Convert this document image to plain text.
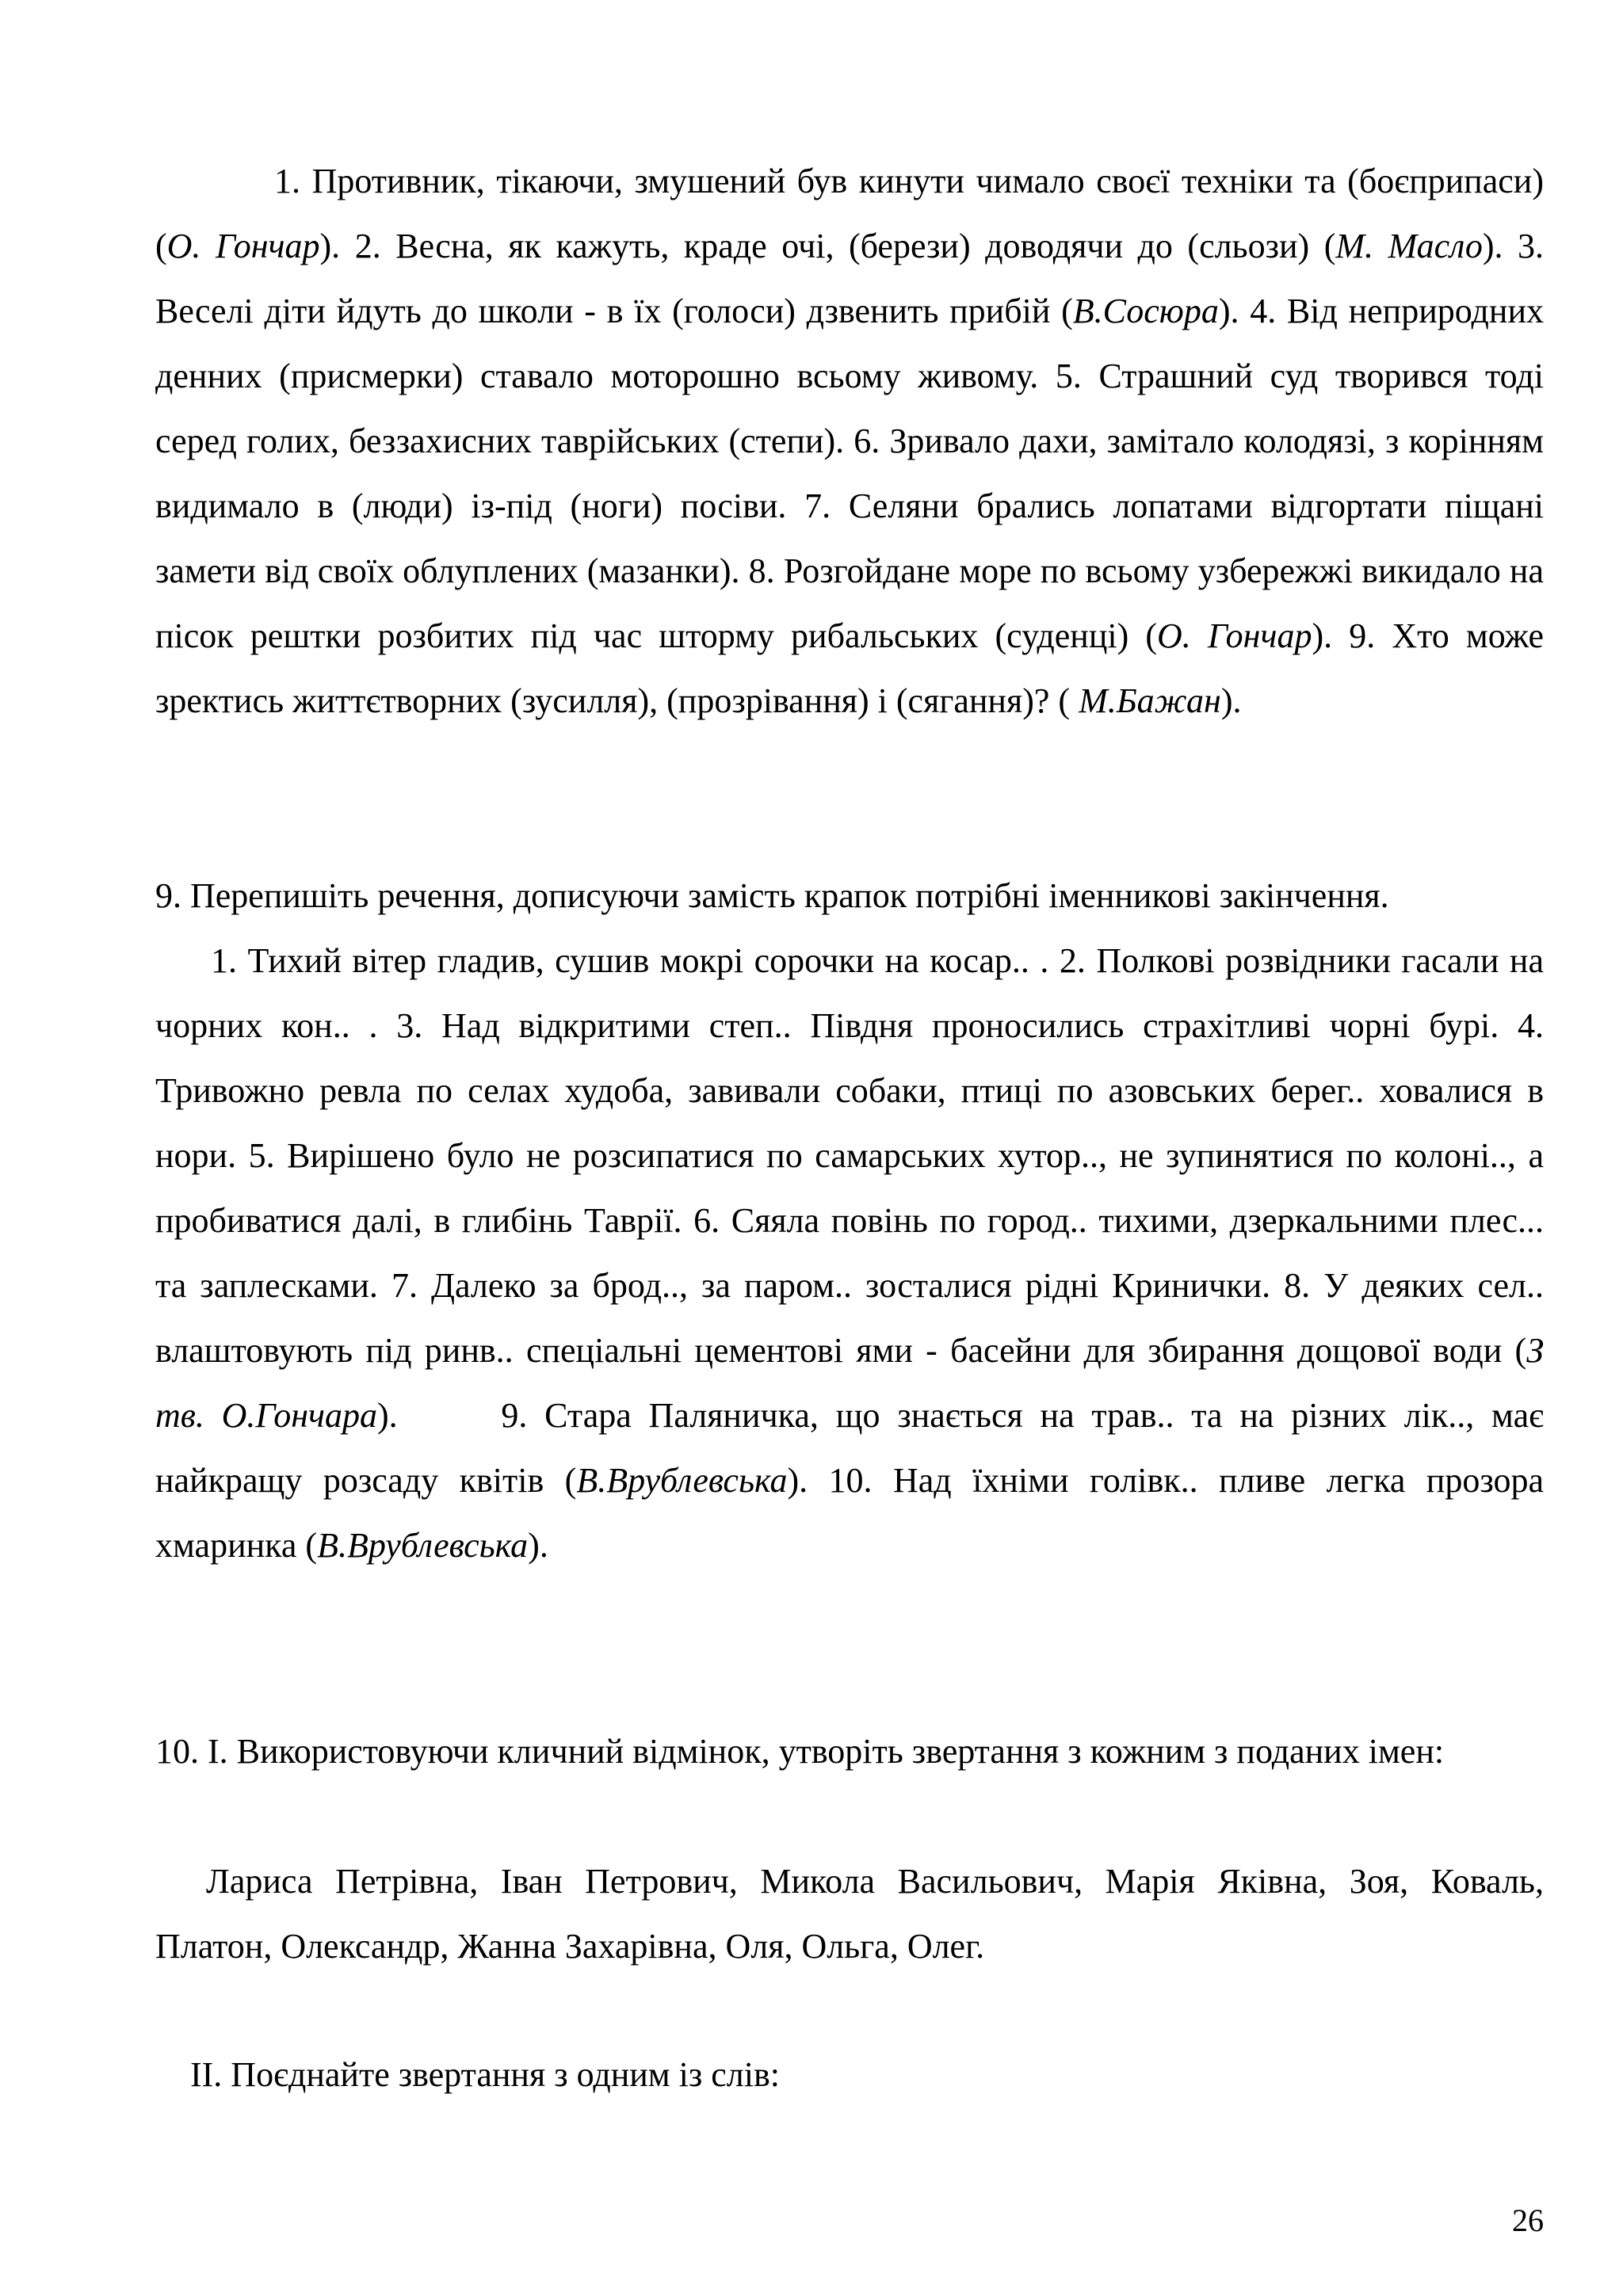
1. Противник, тікаючи, змушений був кинути чимало своєї техніки та (боєприпаси) (О. Гончар). 2. Весна, як кажуть, краде очі, (берези) доводячи до (сльози) (М. Масло). 3. Веселі діти йдуть до школи - в їх (голоси) дзвенить прибій (В.Сосюра). 4. Від неприродних денних (присмерки) ставало моторошно всьому живому. 5. Страшний суд творився тоді серед голих, беззахисних таврійських (степи). 6. Зривало дахи, замітало колодязі, з корінням видимало в (люди) із-під (ноги) посіви. 7. Селяни брались лопатами відгортати піщані замети від своїх облуплених (мазанки). 8. Розгойдане море по всьому узбережжі викидало на пісок рештки розбитих під час шторму рибальських (суденці) (О. Гончар). 9. Хто може зректись життєтворних (зусилля), (прозрівання) і (сягання)? ( М.Бажан).

9. Перепишіть речення, дописуючи замість крапок потрібні іменникові закінчення.

1. Тихий вітер гладив, сушив мокрі сорочки на косар.. . 2. Полкові розвідники гасали на чорних кон.. . 3. Над відкритими степ.. Півдня проносились страхітливі чорні бурі. 4. Тривожно ревла по селах худоба, завивали собаки, птиці по азовських берег.. ховалися в нори. 5. Вирішено було не розсипатися по самарських хутор.., не зупинятися по колоні.., а пробиватися далі, в глибінь Таврії. 6. Сяяла повінь по город.. тихими, дзеркальними плес... та заплесками. 7. Далеко за брод.., за паром.. зосталися рідні Кринички. 8. У деяких сел.. влаштовують під ринв.. спеціальні цементові ями - басейни для збирання дощової води (З тв. О.Гончара).      9. Стара Паляничка, що знається на трав.. та на різних лік.., має найкращу розсаду квітів (В.Врублевська). 10. Над їхніми голівк.. пливе легка прозора хмаринка (В.Врублевська).

10. І. Використовуючи кличний відмінок, утворіть звертання з кожним з поданих імен:

Лариса Петрівна, Іван Петрович, Микола Васильович, Марія Яківна, Зоя, Коваль, Платон, Олександр, Жанна Захарівна, Оля, Ольга, Олег.

ІІ. Поєднайте звертання з одним із слів:

26
